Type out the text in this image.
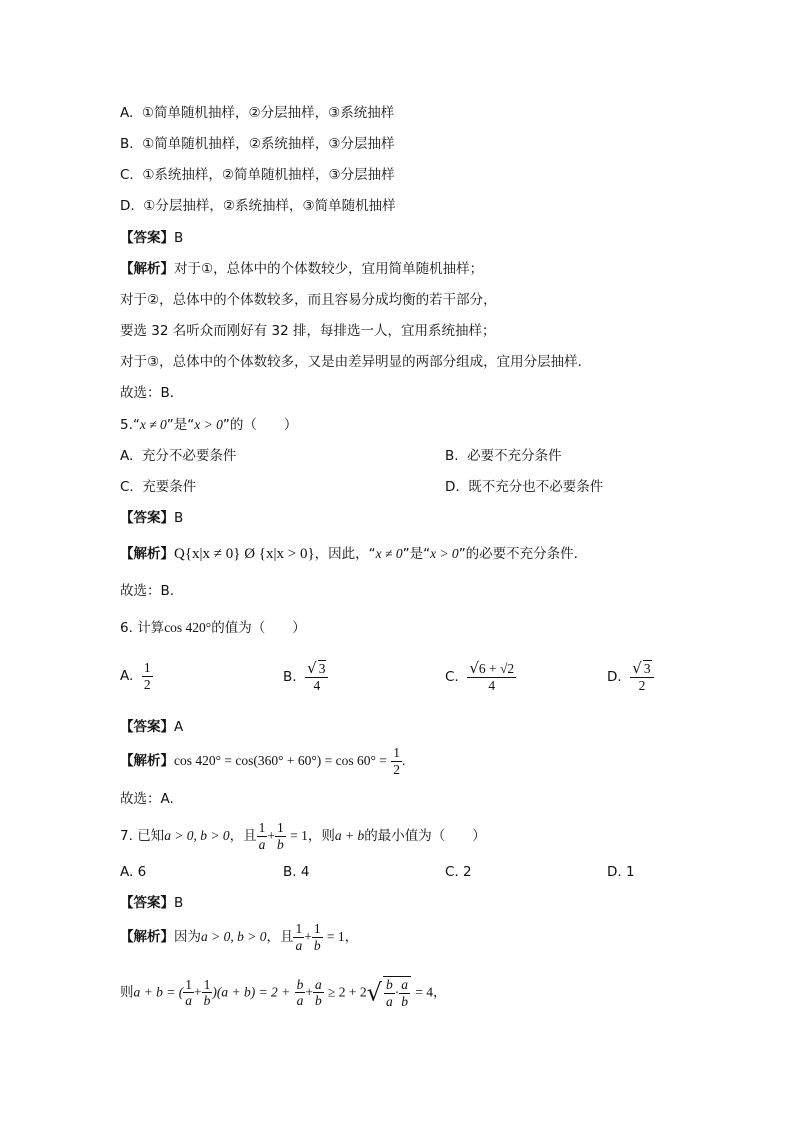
A. ①简单随机抽样，②分层抽样，③系统抽样
B. ①简单随机抽样，②系统抽样，③分层抽样
C. ①系统抽样，②简单随机抽样，③分层抽样
D. ①分层抽样，②系统抽样，③简单随机抽样
【答案】B
【解析】对于①，总体中的个体数较少，宜用简单随机抽样；
对于②，总体中的个体数较多，而且容易分成均衡的若干部分，
要选 32 名听众而刚好有 32 排，每排选一人，宜用系统抽样；
对于③，总体中的个体数较多，又是由差异明显的两部分组成，宜用分层抽样．
故选：B．
5.“x ≠ 0”是“x > 0”的（　　）
A. 充分不必要条件	B. 必要不充分条件
C. 充要条件	D. 既不充分也不必要条件
【答案】B
【解析】Q{x|x ≠ 0} Ø {x|x > 0}，因此，“x ≠ 0”是“x > 0”的必要不充分条件.
故选：B.
6. 计算cos 420°的值为（　　）
A. $\frac{1}{2}$	B. $\frac{√ 3}{4}$	C. $\frac{√6 + √2}{4}$	D. $\frac{√ 3}{2}$
【答案】A
【解析】$\cos 420^\circ = \cos(360^\circ + 60^\circ) = \cos 60^\circ = \frac{1}{2}$ .
故选：A.
7. 已知a > 0, b > 0，且 $\frac{1}{a} + \frac{1}{b} = 1$，则a + b的最小值为（　　）
A. 6	B. 4	C. 2	D. 1
【答案】B
【解析】因为a > 0, b > 0，且 $\frac{1}{a} + \frac{1}{b} = 1$，
则a + b = ( $\frac{1}{a} + \frac{1}{b} )(a + b) = 2 + \frac{b}{a} + \frac{a}{b} \ge 2 + 2√ \frac{b}{a} \cdot \frac{a}{b} = 4$，
